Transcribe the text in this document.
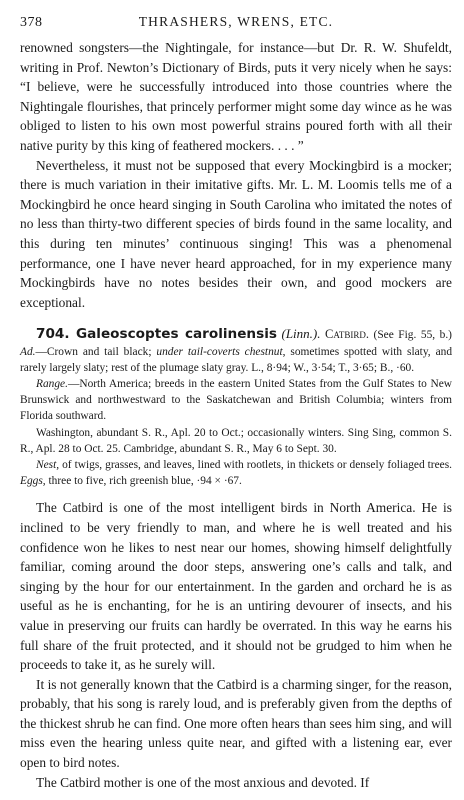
378	THRASHERS, WRENS, ETC.

renowned songsters—the Nightingale, for instance—but Dr. R. W. Shufeldt, writing in Prof. Newton’s Dictionary of Birds, puts it very nicely when he says: “I believe, were he successfully introduced into those countries where the Nightingale flourishes, that princely performer might some day wince as he was obliged to listen to his own most powerful strains poured forth with all their native purity by this king of feathered mockers. . . . ”

Nevertheless, it must not be supposed that every Mockingbird is a mocker; there is much variation in their imitative gifts. Mr. L. M. Loomis tells me of a Mockingbird he once heard singing in South Carolina who imitated the notes of no less than thirty-two different species of birds found in the same locality, and this during ten minutes’ continuous singing! This was a phenomenal performance, one I have never heard approached, for in my experience many Mockingbirds have no notes besides their own, and good mockers are exceptional.

704. Galeoscoptes carolinensis (Linn.). Catbird. (See Fig. 55, b.) Ad.—Crown and tail black; under tail-coverts chestnut, sometimes spotted with slaty, and rarely largely slaty; rest of the plumage slaty gray. L., 8·94; W., 3·54; T., 3·65; B., ·60.

Range.—North America; breeds in the eastern United States from the Gulf States to New Brunswick and northwestward to the Saskatchewan and British Columbia; winters from Florida southward.

Washington, abundant S. R., Apl. 20 to Oct.; occasionally winters. Sing Sing, common S. R., Apl. 28 to Oct. 25. Cambridge, abundant S. R., May 6 to Sept. 30.

Nest, of twigs, grasses, and leaves, lined with rootlets, in thickets or densely foliaged trees. Eggs, three to five, rich greenish blue, ·94 × ·67.

The Catbird is one of the most intelligent birds in North America. He is inclined to be very friendly to man, and where he is well treated and his confidence won he likes to nest near our homes, showing himself delightfully familiar, coming around the door steps, answering one’s calls and talk, and singing by the hour for our entertainment. In the garden and orchard he is as useful as he is enchanting, for he is an untiring devourer of insects, and his value in preserving our fruits can hardly be overrated. In this way he earns his full share of the fruit protected, and it should not be grudged to him when he proceeds to take it, as he surely will.

It is not generally known that the Catbird is a charming singer, for the reason, probably, that his song is rarely loud, and is preferably given from the depths of the thickest shrub he can find. One more often hears than sees him sing, and will miss even the hearing unless quite near, and gifted with a listening ear, ever open to bird notes.

The Catbird mother is one of the most anxious and devoted. If
